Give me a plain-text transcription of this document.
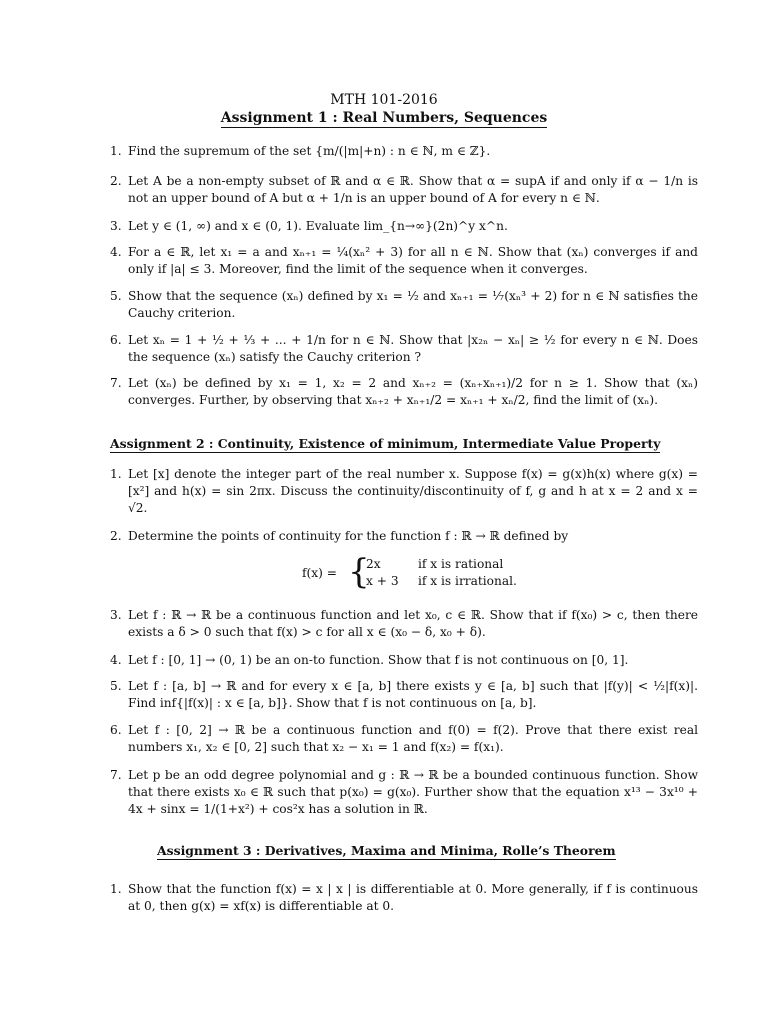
MTH 101-2016
Assignment 1 : Real Numbers, Sequences
1. Find the supremum of the set {m/(|m|+n) : n ∈ ℕ, m ∈ ℤ}.
2. Let A be a non-empty subset of ℝ and α ∈ ℝ. Show that α = supA if and only if α − 1/n is not an upper bound of A but α + 1/n is an upper bound of A for every n ∈ ℕ.
3. Let y ∈ (1, ∞) and x ∈ (0, 1). Evaluate lim_{n→∞}(2n)^y x^n.
4. For a ∈ ℝ, let x₁ = a and xₙ₊₁ = ¼(xₙ² + 3) for all n ∈ ℕ. Show that (xₙ) converges if and only if |a| ≤ 3. Moreover, find the limit of the sequence when it converges.
5. Show that the sequence (xₙ) defined by x₁ = ½ and xₙ₊₁ = ⅐(xₙ³ + 2) for n ∈ ℕ satisfies the Cauchy criterion.
6. Let xₙ = 1 + ½ + ⅓ + ... + 1/n for n ∈ ℕ. Show that |x₂ₙ − xₙ| ≥ ½ for every n ∈ ℕ. Does the sequence (xₙ) satisfy the Cauchy criterion ?
7. Let (xₙ) be defined by x₁ = 1, x₂ = 2 and xₙ₊₂ = (xₙ₊xₙ₊₁)/2 for n ≥ 1. Show that (xₙ) converges. Further, by observing that xₙ₊₂ + xₙ₊₁/2 = xₙ₊₁ + xₙ/2, find the limit of (xₙ).
Assignment 2 : Continuity, Existence of minimum, Intermediate Value Property
1. Let [x] denote the integer part of the real number x. Suppose f(x) = g(x)h(x) where g(x) = [x²] and h(x) = sin 2πx. Discuss the continuity/discontinuity of f, g and h at x = 2 and x = √2.
2. Determine the points of continuity for the function f : ℝ → ℝ defined by
f(x) = {
2x	if x is rational
x + 3 if x is irrational.
3. Let f : ℝ → ℝ be a continuous function and let x₀, c ∈ ℝ. Show that if f(x₀) > c, then there exists a δ > 0 such that f(x) > c for all x ∈ (x₀ − δ, x₀ + δ).
4. Let f : [0, 1] → (0, 1) be an on-to function. Show that f is not continuous on [0, 1].
5. Let f : [a, b] → ℝ and for every x ∈ [a, b] there exists y ∈ [a, b] such that |f(y)| < ½|f(x)|. Find inf{|f(x)| : x ∈ [a, b]}. Show that f is not continuous on [a, b].
6. Let f : [0, 2] → ℝ be a continuous function and f(0) = f(2). Prove that there exist real numbers x₁, x₂ ∈ [0, 2] such that x₂ − x₁ = 1 and f(x₂) = f(x₁).
7. Let p be an odd degree polynomial and g : ℝ → ℝ be a bounded continuous function. Show that there exists x₀ ∈ ℝ such that p(x₀) = g(x₀). Further show that the equation x¹³ − 3x¹⁰ + 4x + sinx = 1/(1+x²) + cos²x has a solution in ℝ.
Assignment 3 : Derivatives, Maxima and Minima, Rolle’s Theorem
1. Show that the function f(x) = x | x | is differentiable at 0. More generally, if f is continuous at 0, then g(x) = xf(x) is differentiable at 0.
